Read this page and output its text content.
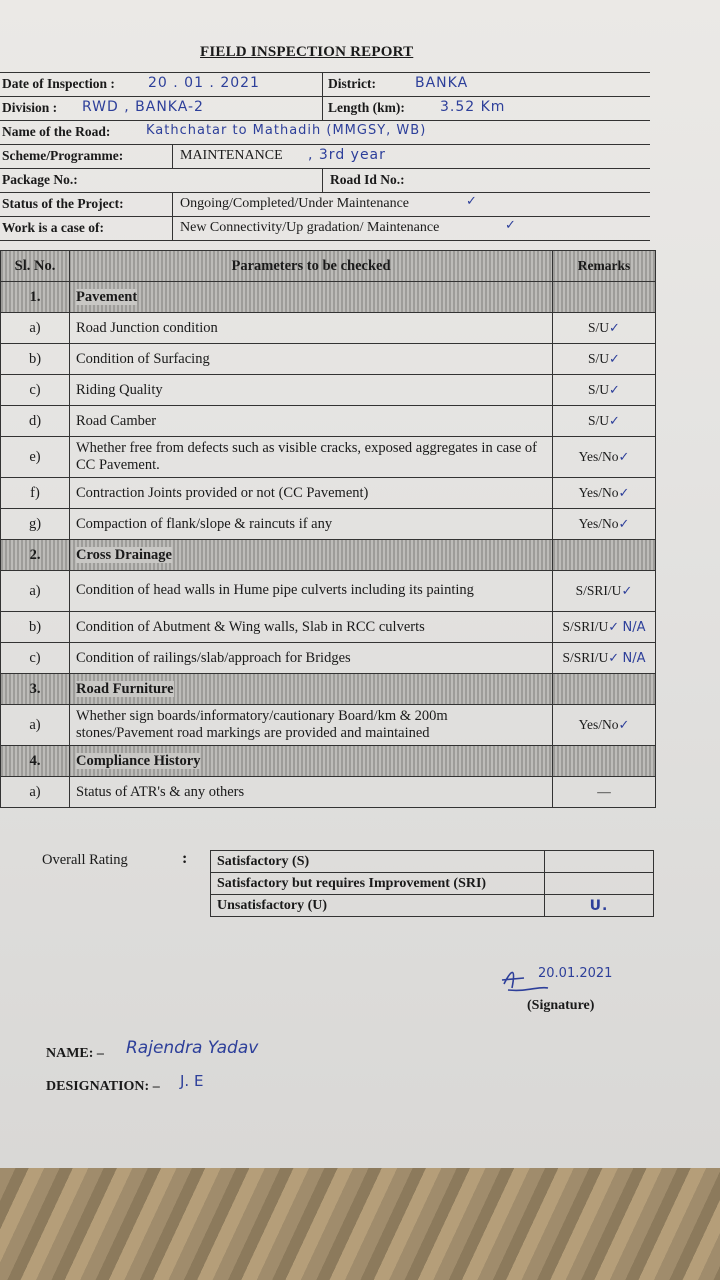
FIELD INSPECTION REPORT
Date of Inspection : 20 . 01 . 2021	District:	BANKA
Division : RWD , BANKA-2	Length (km):	3.52 Km
Name of the Road:	Kathchatar to Mathadih (MMGSY, WB)
Scheme/Programme:	MAINTENANCE , 3rd year
Package No.:	Road Id No.:
Status of the Project:	Ongoing/Completed/Under Maintenance	✓
Work is a case of:	New Connectivity/Up gradation/ Maintenance	✓
Sl. No.	Parameters to be checked	Remarks
1.	Pavement	
a)	Road Junction condition	S/U✓
b)	Condition of Surfacing	S/U✓
c)	Riding Quality	S/U✓
d)	Road Camber	S/U✓
e)	Whether free from defects such as visible cracks, exposed aggregates in case of CC Pavement.	Yes/No✓
f)	Contraction Joints provided or not (CC Pavement)	Yes/No✓
g)	Compaction of flank/slope & raincuts if any	Yes/No✓
2.	Cross Drainage	
a)	Condition of head walls in Hume pipe culverts including its painting	S/SRI/U✓
b)	Condition of Abutment & Wing walls, Slab in RCC culverts	S/SRI/U✓ N/A
c)	Condition of railings/slab/approach for Bridges	S/SRI/U✓ N/A
3.	Road Furniture	
a)	Whether sign boards/informatory/cautionary Board/km & 200m stones/Pavement road markings are provided and maintained	Yes/No✓
4.	Compliance History	
a)	Status of ATR's & any others	—
Overall Rating	: Satisfactory (S)	
Satisfactory but requires Improvement (SRI)	
Unsatisfactory (U)	U.
20.01.2021
(Signature)
NAME: – Rajendra Yadav
DESIGNATION: – J. E
